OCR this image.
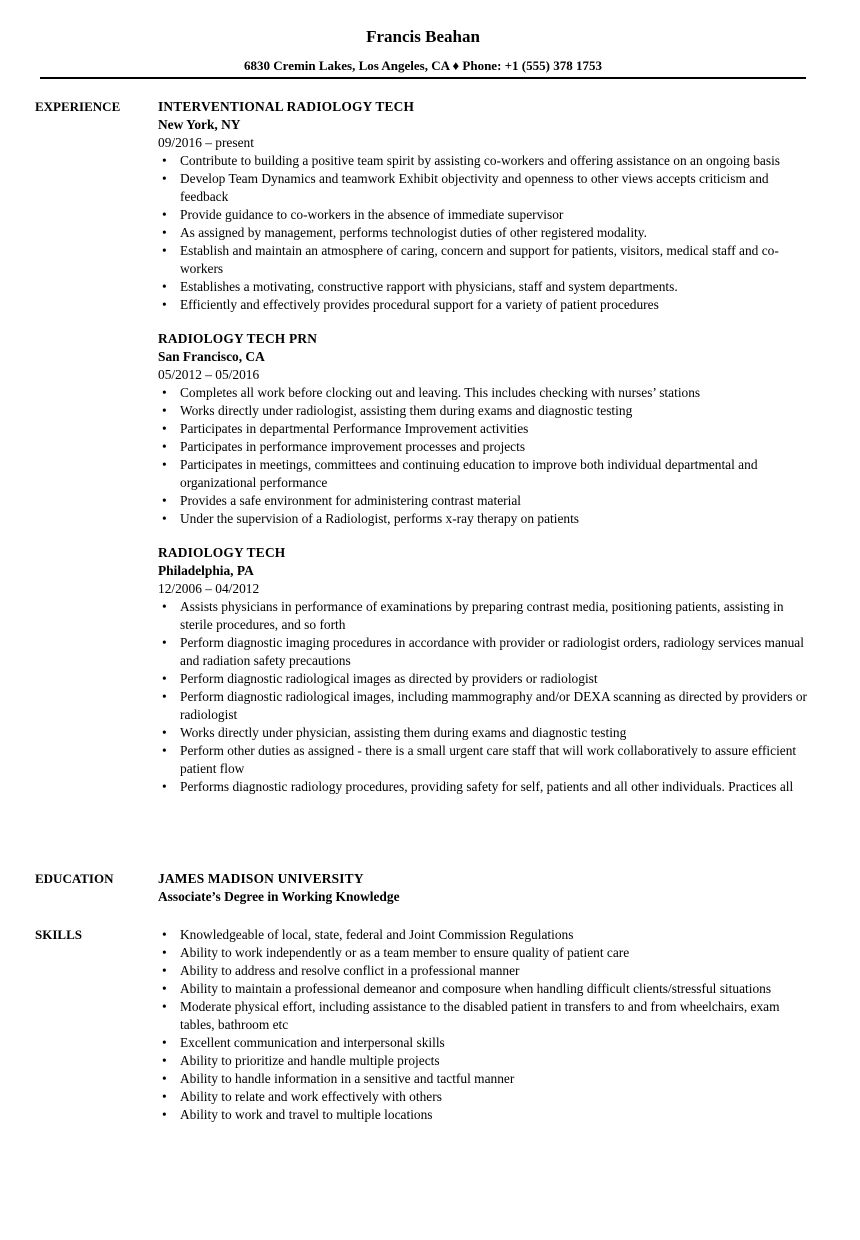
Francis Beahan
6830 Cremin Lakes, Los Angeles, CA ♦ Phone: +1 (555) 378 1753
EXPERIENCE	INTERVENTIONAL RADIOLOGY TECH
New York, NY
09/2016 – present
• Contribute to building a positive team spirit by assisting co-workers and offering assistance on an ongoing basis
• Develop Team Dynamics and teamwork Exhibit objectivity and openness to other views accepts criticism and feedback
• Provide guidance to co-workers in the absence of immediate supervisor
• As assigned by management, performs technologist duties of other registered modality.
• Establish and maintain an atmosphere of caring, concern and support for patients, visitors, medical staff and co-workers
• Establishes a motivating, constructive rapport with physicians, staff and system departments.
• Efficiently and effectively provides procedural support for a variety of patient procedures
RADIOLOGY TECH PRN
San Francisco, CA
05/2012 – 05/2016
• Completes all work before clocking out and leaving. This includes checking with nurses’ stations
• Works directly under radiologist, assisting them during exams and diagnostic testing
• Participates in departmental Performance Improvement activities
• Participates in performance improvement processes and projects
• Participates in meetings, committees and continuing education to improve both individual departmental and organizational performance
• Provides a safe environment for administering contrast material
• Under the supervision of a Radiologist, performs x-ray therapy on patients
RADIOLOGY TECH
Philadelphia, PA
12/2006 – 04/2012
• Assists physicians in performance of examinations by preparing contrast media, positioning patients, assisting in sterile procedures, and so forth
• Perform diagnostic imaging procedures in accordance with provider or radiologist orders, radiology services manual and radiation safety precautions
• Perform diagnostic radiological images as directed by providers or radiologist
• Perform diagnostic radiological images, including mammography and/or DEXA scanning as directed by providers or radiologist
• Works directly under physician, assisting them during exams and diagnostic testing
• Perform other duties as assigned - there is a small urgent care staff that will work collaboratively to assure efficient patient flow
• Performs diagnostic radiology procedures, providing safety for self, patients and all other individuals. Practices all
EDUCATION	JAMES MADISON UNIVERSITY
Associate’s Degree in Working Knowledge
SKILLS
•	Knowledgeable of local, state, federal and Joint Commission Regulations
• Ability to work independently or as a team member to ensure quality of patient care
• Ability to address and resolve conflict in a professional manner
• Ability to maintain a professional demeanor and composure when handling difficult clients/stressful situations
• Moderate physical effort, including assistance to the disabled patient in transfers to and from wheelchairs, exam tables, bathroom etc
• Excellent communication and interpersonal skills
• Ability to prioritize and handle multiple projects
• Ability to handle information in a sensitive and tactful manner
• Ability to relate and work effectively with others
• Ability to work and travel to multiple locations
